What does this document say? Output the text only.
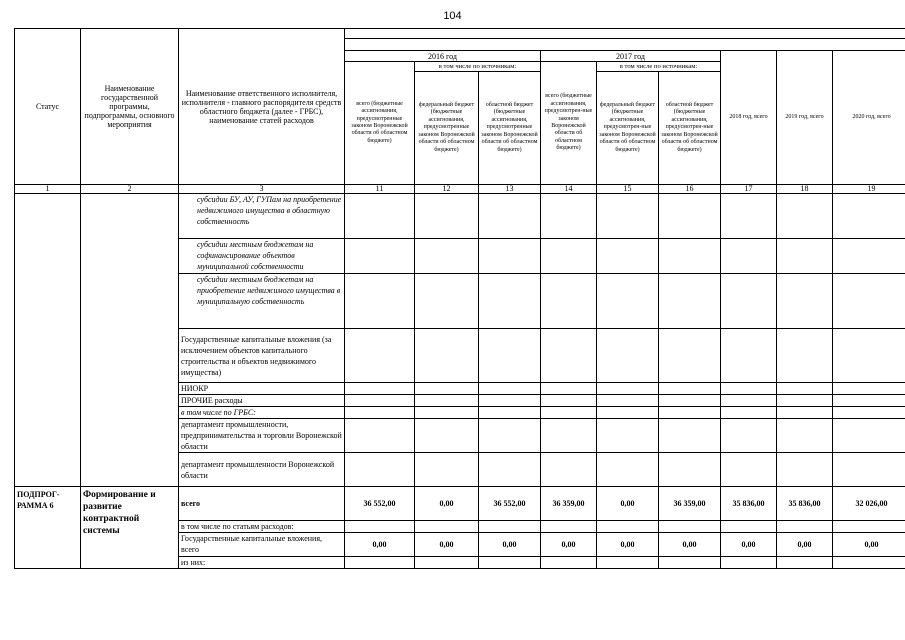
104
Статус	Наименование государственной программы, подпрограммы, основного мероприятия	Наименование ответственного исполнителя, исполнителя - главного распорядителя средств областного бюджета (далее - ГРБС), наименование статей расходов									

			2016 год			2017 год			2018 год, всего	2019 год, всего	2020 год, всего
			всего (бюджетные ассигнования, предусмотренные законом Воронежской области об областном бюджете)	в том числе по источникам:		всего (бюджетные ассигнования, предусмотрен-ные законом Воронежской области об областном бюджете)	в том числе по источникам:				
				федеральный бюджет (бюджетные ассигнования, предусмотренные законом Воронежской области об областном бюджете)	областной бюджет (бюджетные ассигнования, предусмотренные законом Воронежской области об областном бюджете)		федеральный бюджет (бюджетные ассигнования, предусмотрен-ные законом Воронежской области об областном бюджете)	областной бюджет (бюджетные ассигнования, предусмотрен-ные законом Воронежской области об областном бюджете)			
1	2	3	11	12	13	14	15	16	17	18	19
		субсидии БУ, АУ, ГУПам на приобретение недвижимого имущества в областную собственность									
		субсидии местным бюджетам на софинансирование объектов муниципальной собственности									
		субсидии местным бюджетам на приобретение недвижимого имущества в муниципальную собственность									
		Государственные капитальные вложения (за исключением объектов капитального строительства и объектов недвижимого имущества)									
		НИОКР									
		ПРОЧИЕ расходы									
		в том числе по ГРБС:									
		департамент промышленности, предпринимательства и торговли Воронежской области									
		департамент промышленности Воронежской области									
ПОДПРОГ-РАММА 6	Формирование и развитие контрактной системы	всего	36 552,00	0,00	36 552,00	36 359,00	0,00	36 359,00	35 836,00	35 836,00	32 026,00
		в том числе по статьям расходов:									
		Государственные капитальные вложения, всего	0,00	0,00	0,00	0,00	0,00	0,00	0,00	0,00	0,00
		из них:									
